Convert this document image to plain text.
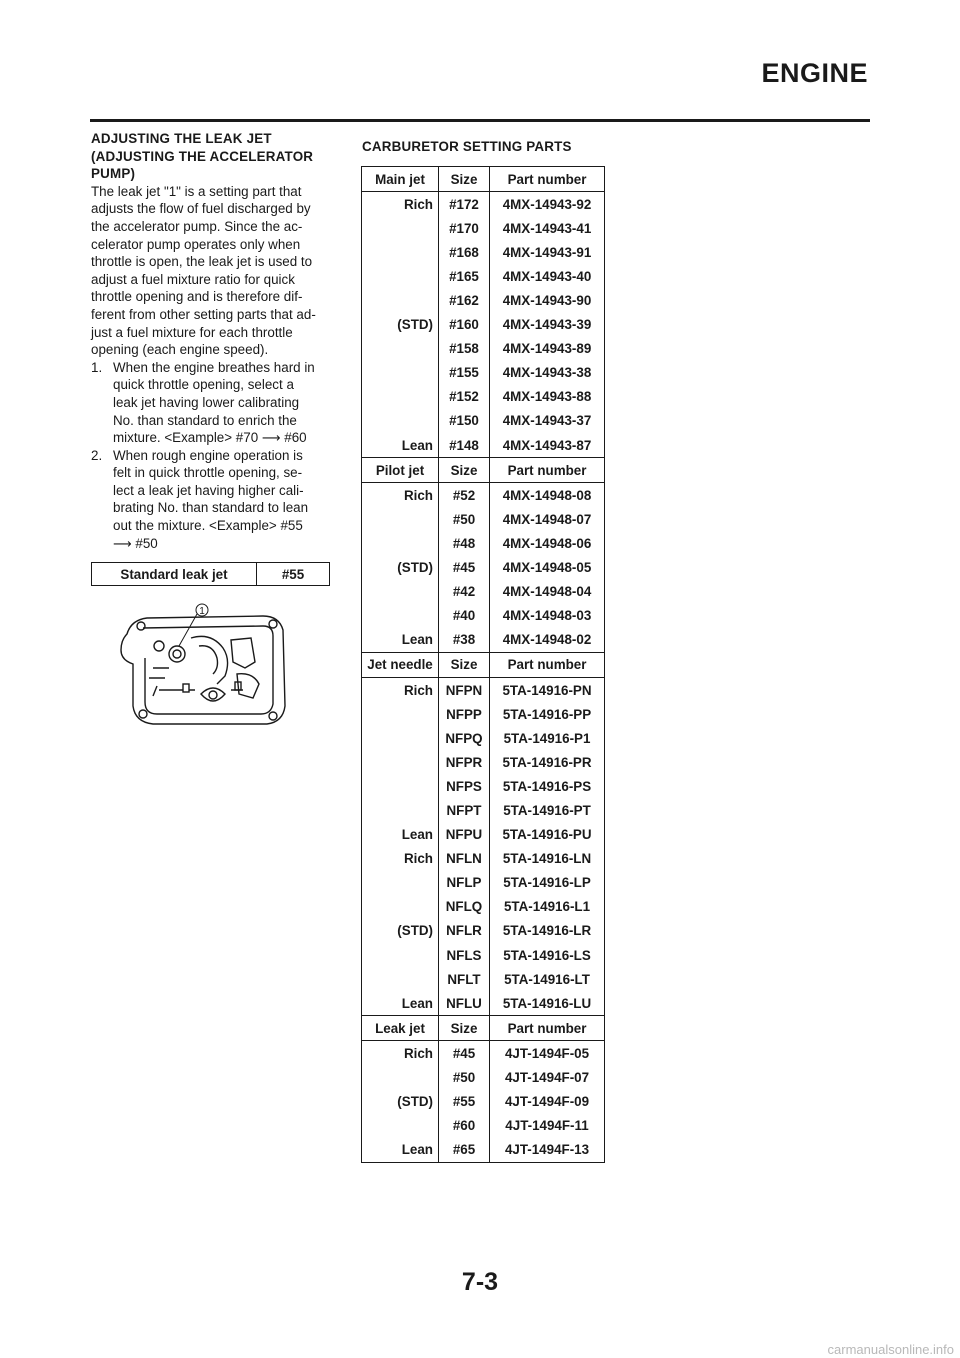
ENGINE
ADJUSTING THE LEAK JET
(ADJUSTING THE ACCELERATOR
PUMP)
The leak jet "1" is a setting part that
adjusts the flow of fuel discharged by
the accelerator pump. Since the ac-
celerator pump operates only when
throttle is open, the leak jet is used to
adjust a fuel mixture ratio for quick
throttle opening and is therefore dif-
ferent from other setting parts that ad-
just a fuel mixture for each throttle
opening (each engine speed).
1. When the engine breathes hard in
quick throttle opening, select a
leak jet having lower calibrating
No. than standard to enrich the
mixture. <Example> #70 ⟶ #60
2. When rough engine operation is
felt in quick throttle opening, se-
lect a leak jet having higher cali-
brating No. than standard to lean
out the mixture. <Example> #55
⟶ #50
Standard leak jet	#55
1
CARBURETOR SETTING PARTS
Main jet	Size	Part number
Rich	#172	4MX-14943-92
	#170	4MX-14943-41
	#168	4MX-14943-91
	#165	4MX-14943-40
	#162	4MX-14943-90
(STD)	#160	4MX-14943-39
	#158	4MX-14943-89
	#155	4MX-14943-38
	#152	4MX-14943-88
	#150	4MX-14943-37
Lean	#148	4MX-14943-87
Pilot jet	Size	Part number
Rich	#52	4MX-14948-08
	#50	4MX-14948-07
	#48	4MX-14948-06
(STD)	#45	4MX-14948-05
	#42	4MX-14948-04
	#40	4MX-14948-03
Lean	#38	4MX-14948-02
Jet needle	Size	Part number
Rich	NFPN	5TA-14916-PN
	NFPP	5TA-14916-PP
	NFPQ	5TA-14916-P1
	NFPR	5TA-14916-PR
	NFPS	5TA-14916-PS
	NFPT	5TA-14916-PT
Lean	NFPU	5TA-14916-PU
Rich	NFLN	5TA-14916-LN
	NFLP	5TA-14916-LP
	NFLQ	5TA-14916-L1
(STD)	NFLR	5TA-14916-LR
	NFLS	5TA-14916-LS
	NFLT	5TA-14916-LT
Lean	NFLU	5TA-14916-LU
Leak jet	Size	Part number
Rich	#45	4JT-1494F-05
	#50	4JT-1494F-07
(STD)	#55	4JT-1494F-09
	#60	4JT-1494F-11
Lean	#65	4JT-1494F-13
7-3
carmanualsonline.info
